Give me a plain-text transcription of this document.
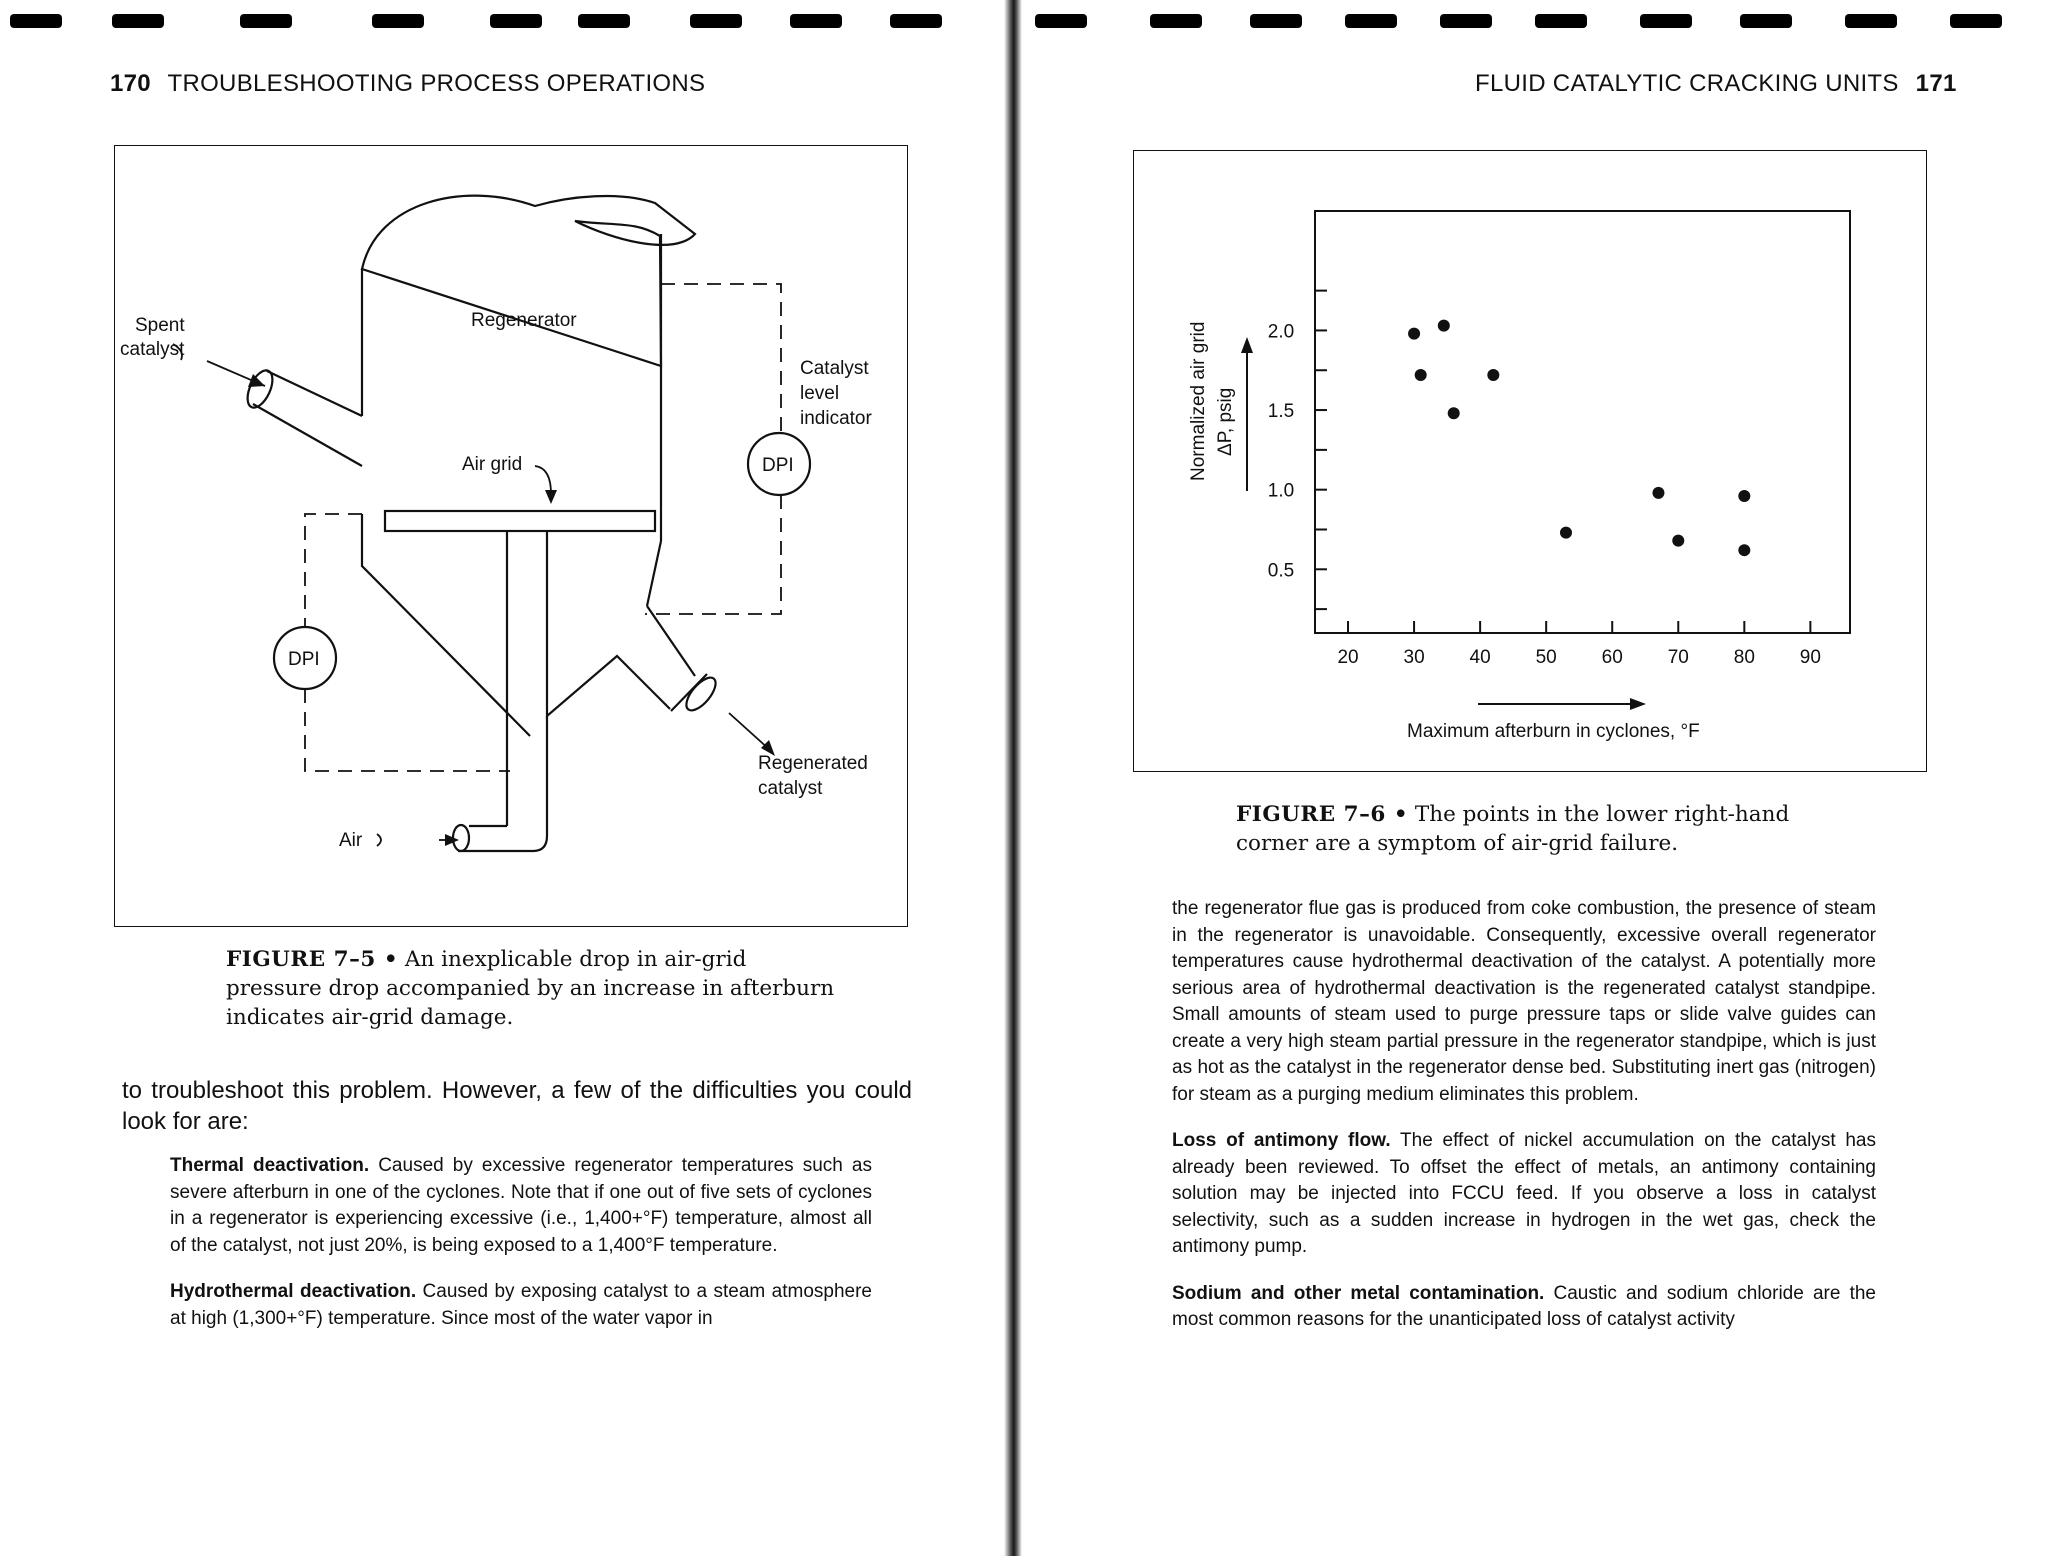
170 TROUBLESHOOTING PROCESS OPERATIONS
Spent
catalyst
Regenerator
Catalyst
level
indicator
DPI
Air grid
DPI
Regenerated
catalyst
Air
FIGURE 7–5 • An inexplicable drop in air-grid pressure drop accompanied by an increase in afterburn indicates air-grid damage.

to troubleshoot this problem. However, a few of the difficulties you could look for are:

Thermal deactivation. Caused by excessive regenerator temperatures such as severe afterburn in one of the cyclones. Note that if one out of five sets of cyclones in a regenerator is experiencing excessive (i.e., 1,400+°F) temperature, almost all of the catalyst, not just 20%, is being exposed to a 1,400°F temperature.

Hydrothermal deactivation. Caused by exposing catalyst to a steam atmosphere at high (1,300+°F) temperature. Since most of the water vapor in

FLUID CATALYTIC CRACKING UNITS 171
2.0
1.5
1.0
0.5
20 30 40 50 60 70 80 90
Normalized air grid ΔP, psig
Maximum afterburn in cyclones, °F
FIGURE 7–6 • The points in the lower right-hand corner are a symptom of air-grid failure.

the regenerator flue gas is produced from coke combustion, the presence of steam in the regenerator is unavoidable. Consequently, excessive overall regenerator temperatures cause hydrothermal deactivation of the catalyst. A potentially more serious area of hydrothermal deactivation is the regenerated catalyst standpipe. Small amounts of steam used to purge pressure taps or slide valve guides can create a very high steam partial pressure in the regenerator standpipe, which is just as hot as the catalyst in the regenerator dense bed. Substituting inert gas (nitrogen) for steam as a purging medium eliminates this problem.

Loss of antimony flow. The effect of nickel accumulation on the catalyst has already been reviewed. To offset the effect of metals, an antimony containing solution may be injected into FCCU feed. If you observe a loss in catalyst selectivity, such as a sudden increase in hydrogen in the wet gas, check the antimony pump.

Sodium and other metal contamination. Caustic and sodium chloride are the most common reasons for the unanticipated loss of catalyst activity
